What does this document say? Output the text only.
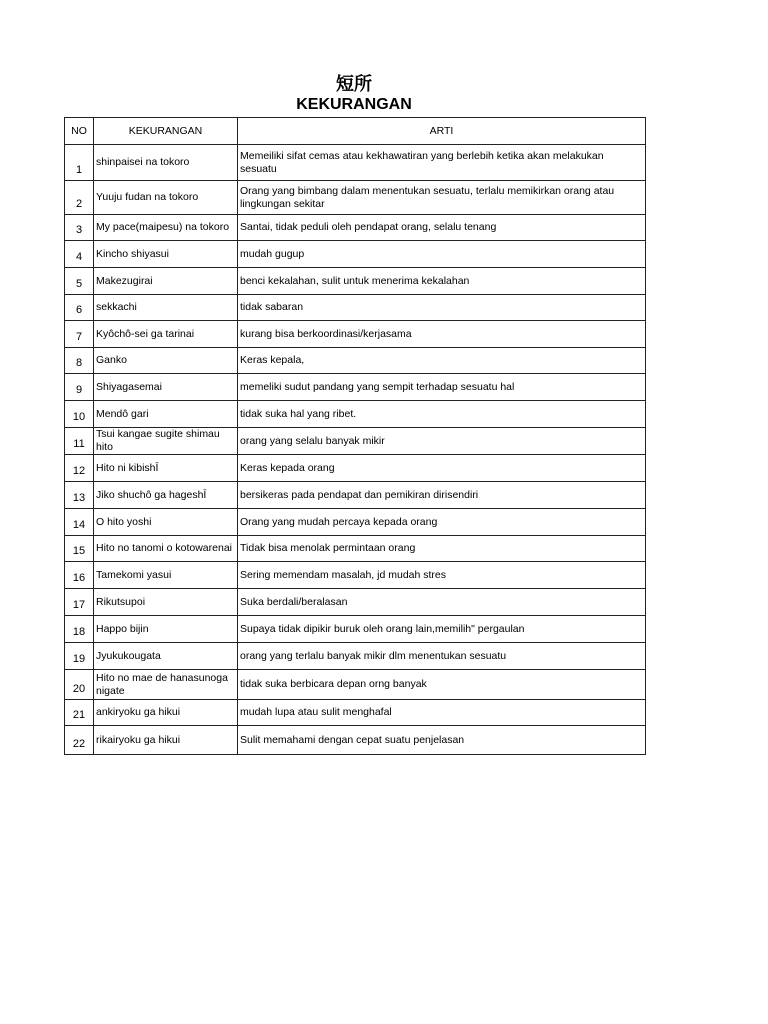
短所
KEKURANGAN
NO	KEKURANGAN	ARTI
1	shinpaisei na tokoro	Memeiliki sifat cemas atau kekhawatiran yang berlebih ketika akan melakukan sesuatu
2	Yuuju fudan na tokoro	Orang yang bimbang dalam menentukan sesuatu, terlalu memikirkan orang atau lingkungan sekitar
3	My pace(maipesu) na tokoro	Santai, tidak peduli oleh pendapat orang, selalu tenang
4	Kincho shiyasui	mudah gugup
5	Makezugirai	benci kekalahan, sulit untuk menerima kekalahan
6	sekkachi	tidak sabaran
7	Kyôchô-sei ga tarinai	kurang bisa berkoordinasi/kerjasama
8	Ganko	Keras kepala,
9	Shiyagasemai	memeliki sudut pandang yang sempit terhadap sesuatu hal
10	Mendô gari	tidak suka hal yang ribet.
11	Tsui kangae sugite shimau hito	orang yang selalu banyak mikir
12	Hito ni kibishĪ	Keras kepada orang
13	Jiko shuchô ga hageshĪ	bersikeras pada pendapat dan pemikiran dirisendiri
14	O hito yoshi	Orang yang mudah percaya kepada orang
15	Hito no tanomi o kotowarenai	Tidak bisa menolak permintaan orang
16	Tamekomi yasui	Sering memendam masalah, jd mudah stres
17	Rikutsupoi	Suka berdali/beralasan
18	Happo bijin	Supaya tidak dipikir buruk oleh orang lain,memilih" pergaulan
19	Jyukukougata	orang yang terlalu banyak mikir dlm menentukan sesuatu
20	Hito no mae de hanasunoga nigate	tidak suka berbicara depan orng banyak
21	ankiryoku ga hikui	mudah lupa atau sulit menghafal
22	rikairyoku ga hikui	Sulit memahami dengan cepat suatu penjelasan
